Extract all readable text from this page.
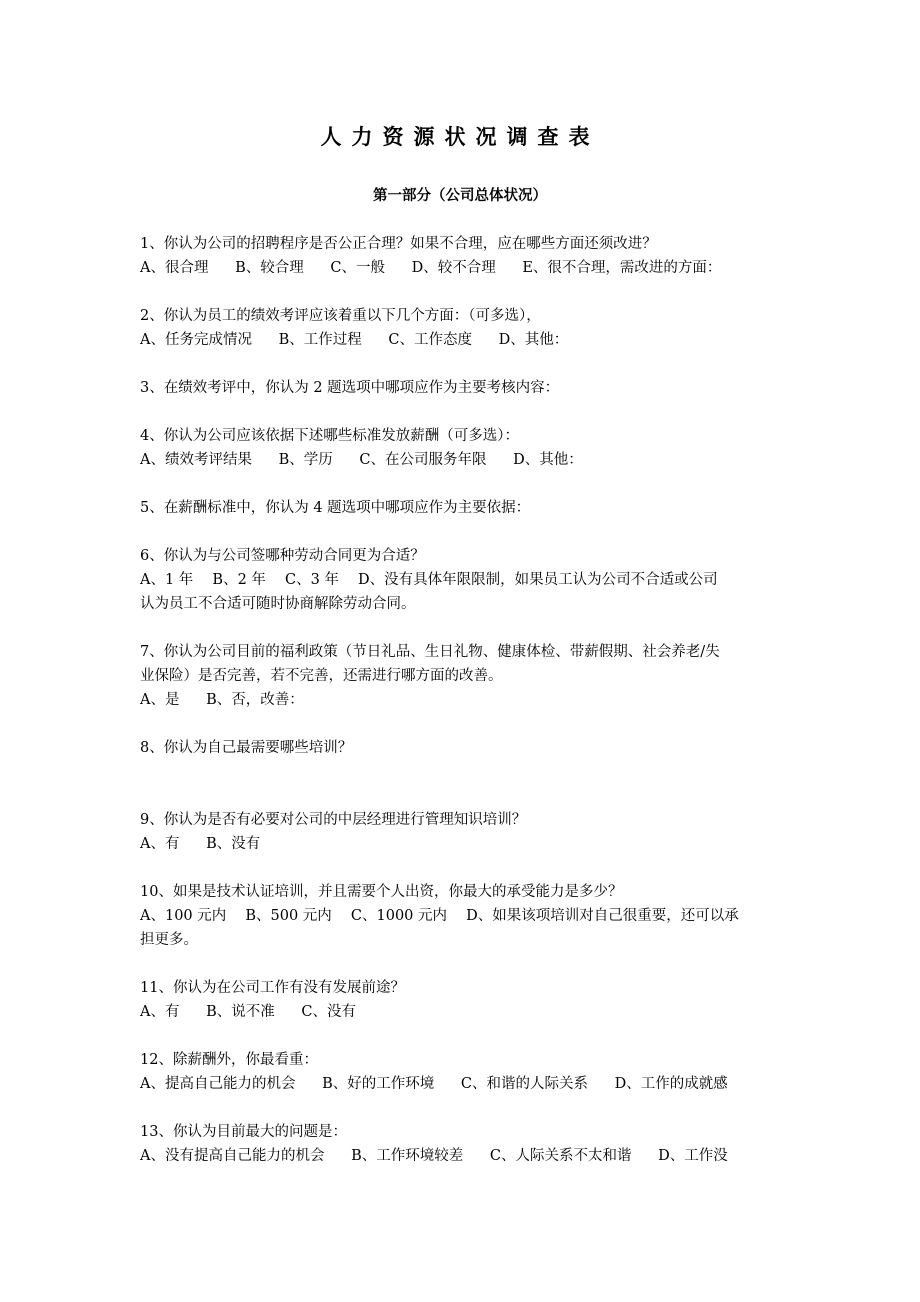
人力资源状况调查表
第一部分（公司总体状况）
1、你认为公司的招聘程序是否公正合理？如果不合理，应在哪些方面还须改进？
A、很合理 B、较合理 C、一般 D、较不合理 E、很不合理，需改进的方面：
2、你认为员工的绩效考评应该着重以下几个方面：（可多选），
A、任务完成情况 B、工作过程 C、工作态度 D、其他：
3、在绩效考评中，你认为 2 题选项中哪项应作为主要考核内容：
4、你认为公司应该依据下述哪些标准发放薪酬（可多选）：
A、绩效考评结果 B、学历 C、在公司服务年限 D、其他：
5、在薪酬标准中，你认为 4 题选项中哪项应作为主要依据：
6、你认为与公司签哪种劳动合同更为合适？
A、1 年　 B、2 年　 C、3 年　 D、没有具体年限限制，如果员工认为公司不合适或公司
认为员工不合适可随时协商解除劳动合同。
7、你认为公司目前的福利政策（节日礼品、生日礼物、健康体检、带薪假期、社会养老/失
业保险）是否完善，若不完善，还需进行哪方面的改善。
A、是 B、否，改善：
8、你认为自己最需要哪些培训？
9、你认为是否有必要对公司的中层经理进行管理知识培训？
A、有 B、没有
10、如果是技术认证培训，并且需要个人出资，你最大的承受能力是多少？
A、100 元内　 B、500 元内　 C、1000 元内　 D、如果该项培训对自己很重要，还可以承
担更多。
11、你认为在公司工作有没有发展前途？
A、有 B、说不准 C、没有
12、除薪酬外，你最看重：
A、提高自己能力的机会 B、好的工作环境 C、和谐的人际关系 D、工作的成就感
13、你认为目前最大的问题是：
A、没有提高自己能力的机会 B、工作环境较差 C、人际关系不太和谐 D、工作没
